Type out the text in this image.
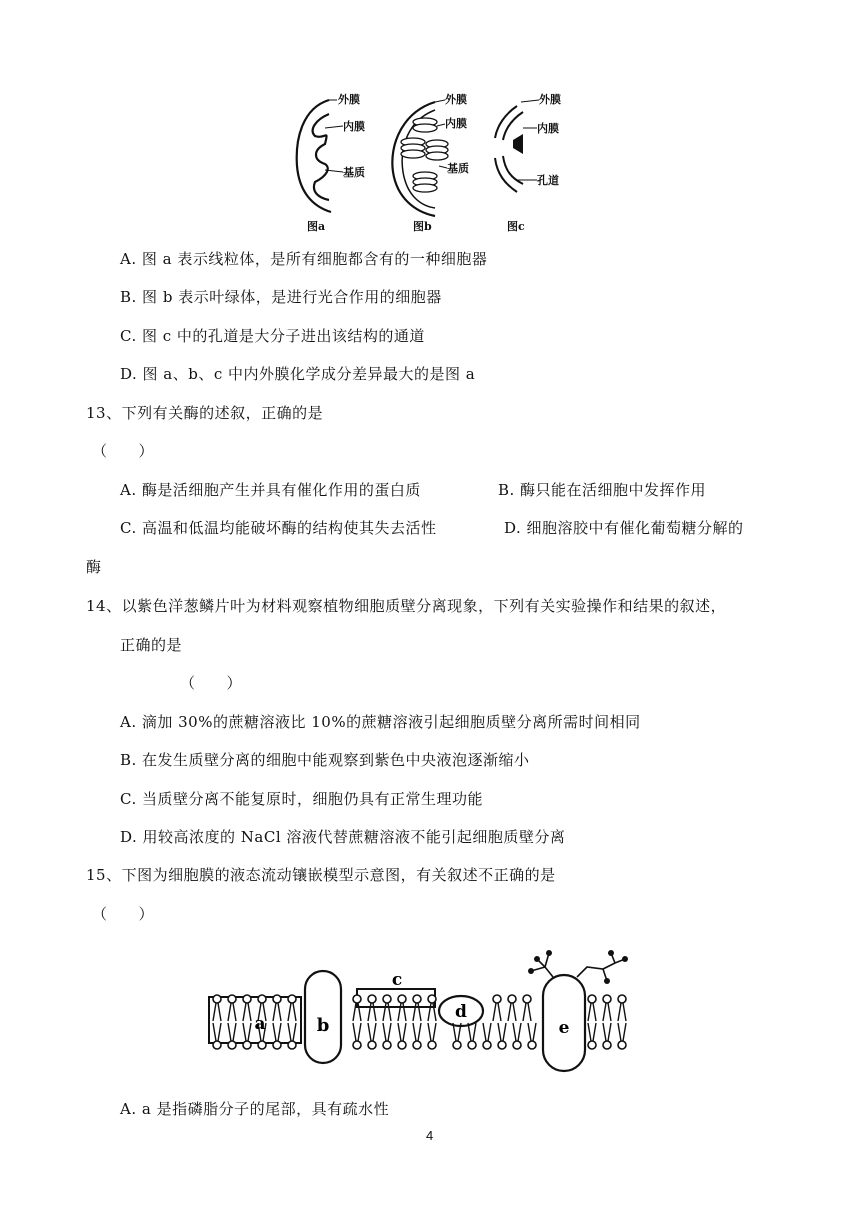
外膜
内膜
基质
图a
外膜
内膜
基质
图b
外膜
内膜
孔道
图c
A. 图 a 表示线粒体，是所有细胞都含有的一种细胞器
B. 图 b 表示叶绿体，是进行光合作用的细胞器
C. 图 c 中的孔道是大分子进出该结构的通道
D. 图 a、b、c 中内外膜化学成分差异最大的是图 a
13、下列有关酶的述叙，正确的是
（　　）
A. 酶是活细胞产生并具有催化作用的蛋白质	B. 酶只能在活细胞中发挥作用
C. 高温和低温均能破坏酶的结构使其失去活性	D. 细胞溶胶中有催化葡萄糖分解的
酶
14、以紫色洋葱鳞片叶为材料观察植物细胞质壁分离现象，下列有关实验操作和结果的叙述，
正确的是
（　　）
A. 滴加 30%的蔗糖溶液比 10%的蔗糖溶液引起细胞质壁分离所需时间相同
B. 在发生质壁分离的细胞中能观察到紫色中央液泡逐渐缩小
C. 当质壁分离不能复原时，细胞仍具有正常生理功能
D. 用较高浓度的 NaCl 溶液代替蔗糖溶液不能引起细胞质壁分离
15、下图为细胞膜的液态流动镶嵌模型示意图，有关叙述不正确的是
（　　）
a	b
c
d
e
A. a 是指磷脂分子的尾部，具有疏水性
4
